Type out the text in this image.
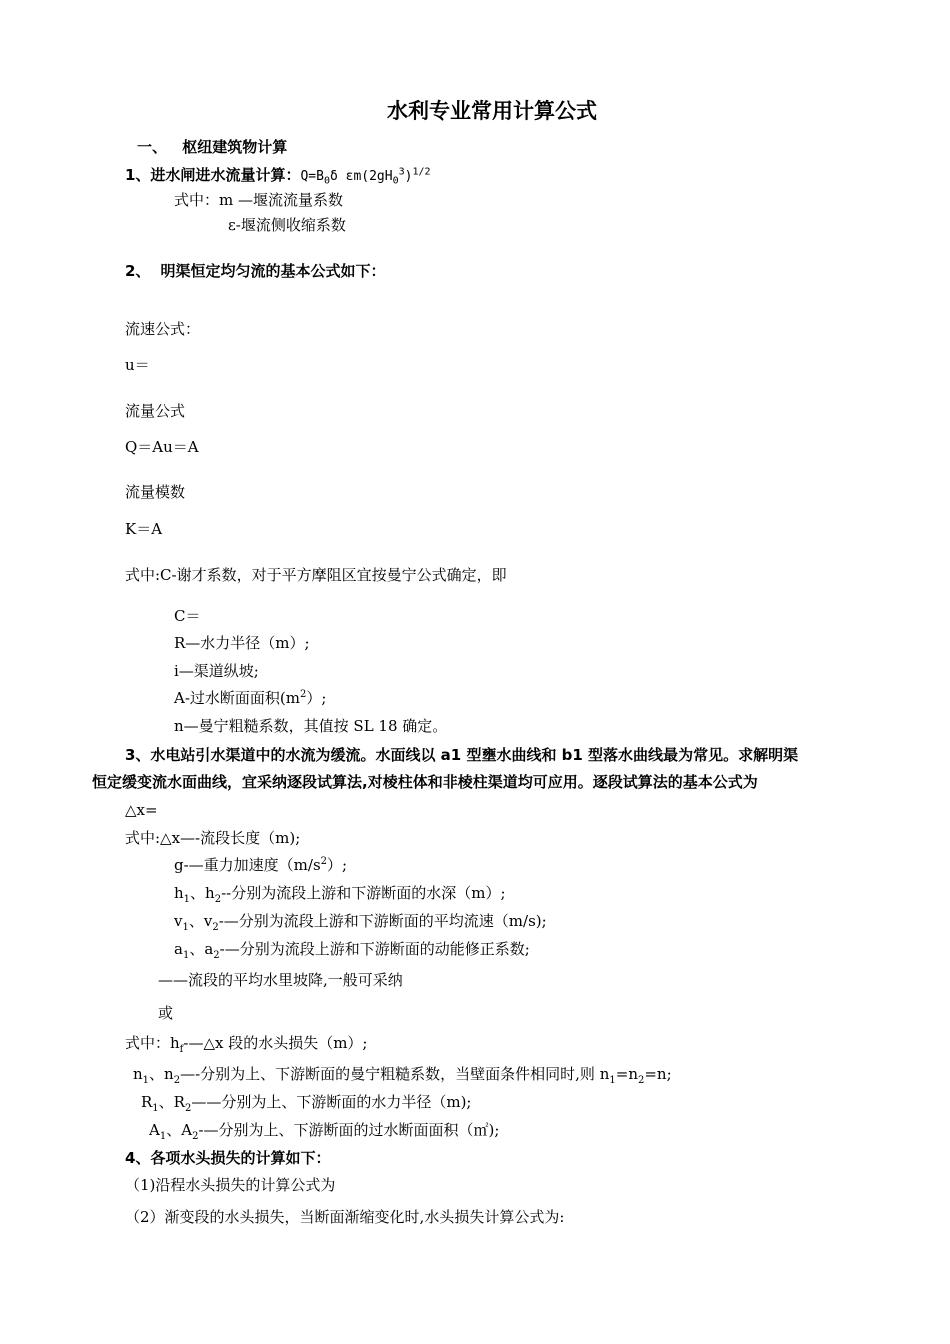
水利专业常用计算公式
一、 枢纽建筑物计算
1、进水闸进水流量计算：$Q=B_0\delta$ $\varepsilon m(2gH_0^3)^{1/2}$
式中：m —堰流流量系数
ε-堰流侧收缩系数
2、 明渠恒定均匀流的基本公式如下：
流速公式：
u＝
流量公式
Q＝Au＝A
流量模数
K＝A
式中:C-谢才系数，对于平方摩阻区宜按曼宁公式确定，即
C＝
R—水力半径（m）;
i—渠道纵坡;
A-过水断面面积$(m^2)$;
n—曼宁粗糙系数，其值按 SL 18 确定。
3、水电站引水渠道中的水流为缓流。水面线以 a1 型壅水曲线和 b1 型落水曲线最为常见。求解明渠
恒定缓变流水面曲线，宜采纳逐段试算法,对棱柱体和非棱柱渠道均可应用。逐段试算法的基本公式为
△x=
式中:△x—-流段长度（m);
g-—重力加速度$(m/s^2)$;
$h_1$、$h_2--$分别为流段上游和下游断面的水深（m）;
$v_1$、$v_2-—$分别为流段上游和下游断面的平均流速（m/s);
$a_1$、$a_2-—$分别为流段上游和下游断面的动能修正系数;
——流段的平均水里坡降,一般可采纳
或
式中：$h_f-—\triangle x$ 段的水头损失（m）;
$n_1$、$n_2—-$分别为上、下游断面的曼宁粗糙系数，当壁面条件相同时,则 $n_1=n_2=n$;
$R_1$、$R_2——$分别为上、下游断面的水力半径（m);
$A_1$、$A_2-—$分别为上、下游断面的过水断面面积（㎡);
4、各项水头损失的计算如下：
（1)沿程水头损失的计算公式为
（2）渐变段的水头损失，当断面渐缩变化时,水头损失计算公式为:
